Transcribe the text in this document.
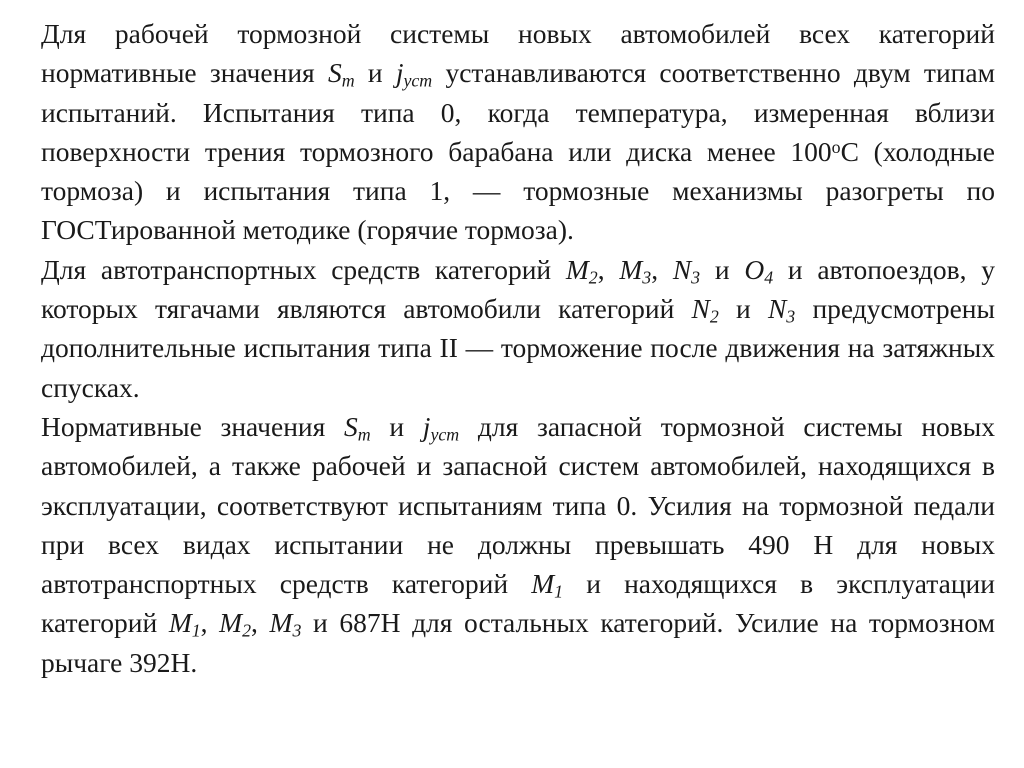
Для рабочей тормозной системы новых автомобилей всех категорий нормативные значения $S_т$ и $j_{уст}$ устанавливаются соответственно двум типам испытаний. Испытания типа 0, когда температура, измеренная вблизи поверхности трения тормозного барабана или диска менее $100^оС$ (холодные тормоза) и испытания типа 1, — тормозные механизмы разогреты по ГОСТированной методике (горячие тормоза).

Для автотранспортных средств категорий $М_2$, $М_3$, $N_3$ и $О_4$ и автопоездов, у которых тягачами являются автомобили категорий $N_2$ и $N_3$ предусмотрены дополнительные испытания типа II — торможение после движения на затяжных спусках.

Нормативные значения $S_т$ и $j_{уст}$ для запасной тормозной системы новых автомобилей, а также рабочей и запасной систем автомобилей, находящихся в эксплуатации, соответствуют испытаниям типа 0. Усилия на тормозной педали при всех видах испытании не должны превышать 490 Н для новых автотранспортных средств категорий $М_1$ и находящихся в эксплуатации категорий $М_1$, $М_2$, $М_3$ и 687Н для остальных категорий. Усилие на тормозном рычаге 392Н.
